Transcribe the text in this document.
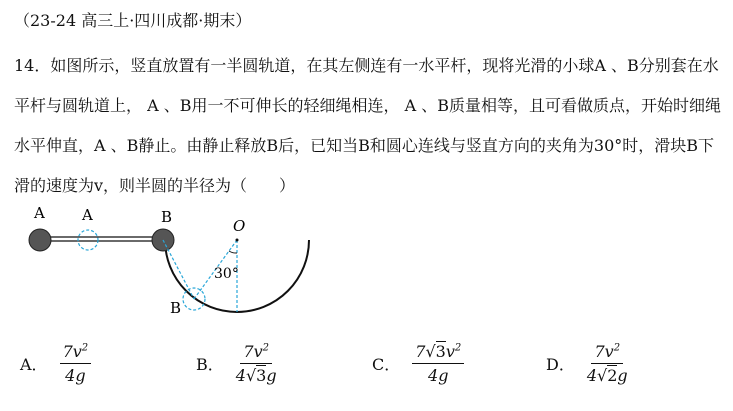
（23-24 高三上·四川成都·期末）
14．如图所示，竖直放置有一半圆轨道，在其左侧连有一水平杆，现将光滑的小球A 、B分别套在水平杆与圆轨道上， A 、B用一不可伸长的轻细绳相连， A 、B质量相等，且可看做质点，开始时细绳水平伸直，A 、B静止。由静止释放B后，已知当B和圆心连线与竖直方向的夹角为30°时，滑块B下滑的速度为v，则半圆的半径为（　　）
A A	B	O
30°
B
A． $\frac{7v^2}{4g}$	B． $\frac{7v^2}{4√3g}$	C． $\frac{7√3v^2}{4g}$	D． $\frac{7v^2}{4√2g}$
